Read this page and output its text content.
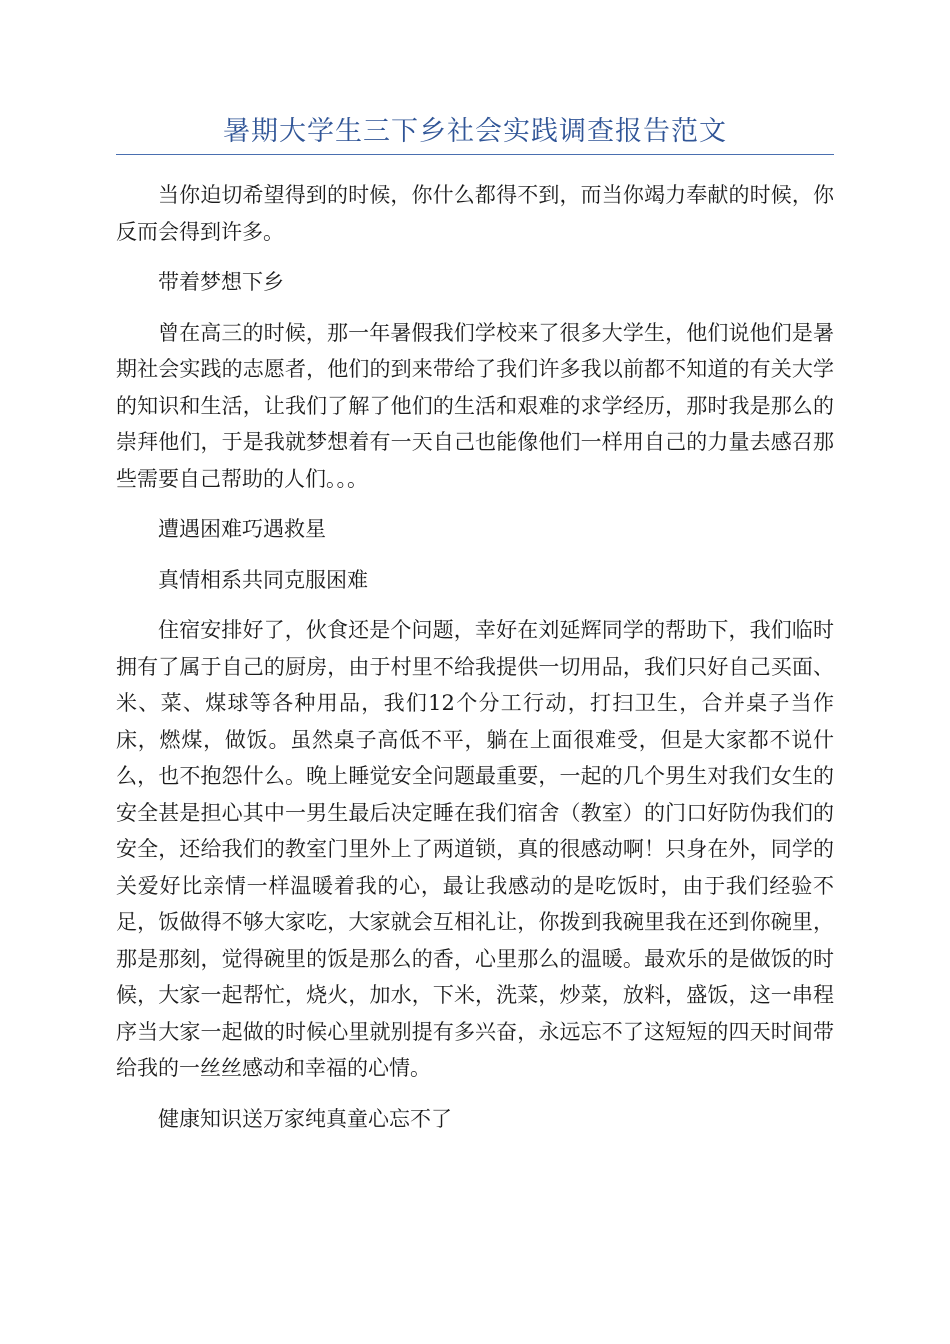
暑期大学生三下乡社会实践调查报告范文

当你迫切希望得到的时候，你什么都得不到，而当你竭力奉献的时候，你反而会得到许多。

带着梦想下乡

曾在高三的时候，那一年暑假我们学校来了很多大学生，他们说他们是暑期社会实践的志愿者，他们的到来带给了我们许多我以前都不知道的有关大学的知识和生活，让我们了解了他们的生活和艰难的求学经历，那时我是那么的崇拜他们，于是我就梦想着有一天自己也能像他们一样用自己的力量去感召那些需要自己帮助的人们。。。

遭遇困难巧遇救星

真情相系共同克服困难

住宿安排好了，伙食还是个问题，幸好在刘延辉同学的帮助下，我们临时拥有了属于自己的厨房，由于村里不给我提供一切用品，我们只好自己买面、米、菜、煤球等各种用品，我们12个分工行动，打扫卫生，合并桌子当作床，燃煤，做饭。虽然桌子高低不平，躺在上面很难受，但是大家都不说什么，也不抱怨什么。晚上睡觉安全问题最重要，一起的几个男生对我们女生的安全甚是担心其中一男生最后决定睡在我们宿舍（教室）的门口好防伪我们的安全，还给我们的教室门里外上了两道锁，真的很感动啊！只身在外，同学的关爱好比亲情一样温暖着我的心，最让我感动的是吃饭时，由于我们经验不足，饭做得不够大家吃，大家就会互相礼让，你拨到我碗里我在还到你碗里，那是那刻，觉得碗里的饭是那么的香，心里那么的温暖。最欢乐的是做饭的时候，大家一起帮忙，烧火，加水，下米，洗菜，炒菜，放料，盛饭，这一串程序当大家一起做的时候心里就别提有多兴奋，永远忘不了这短短的四天时间带给我的一丝丝感动和幸福的心情。

健康知识送万家纯真童心忘不了
